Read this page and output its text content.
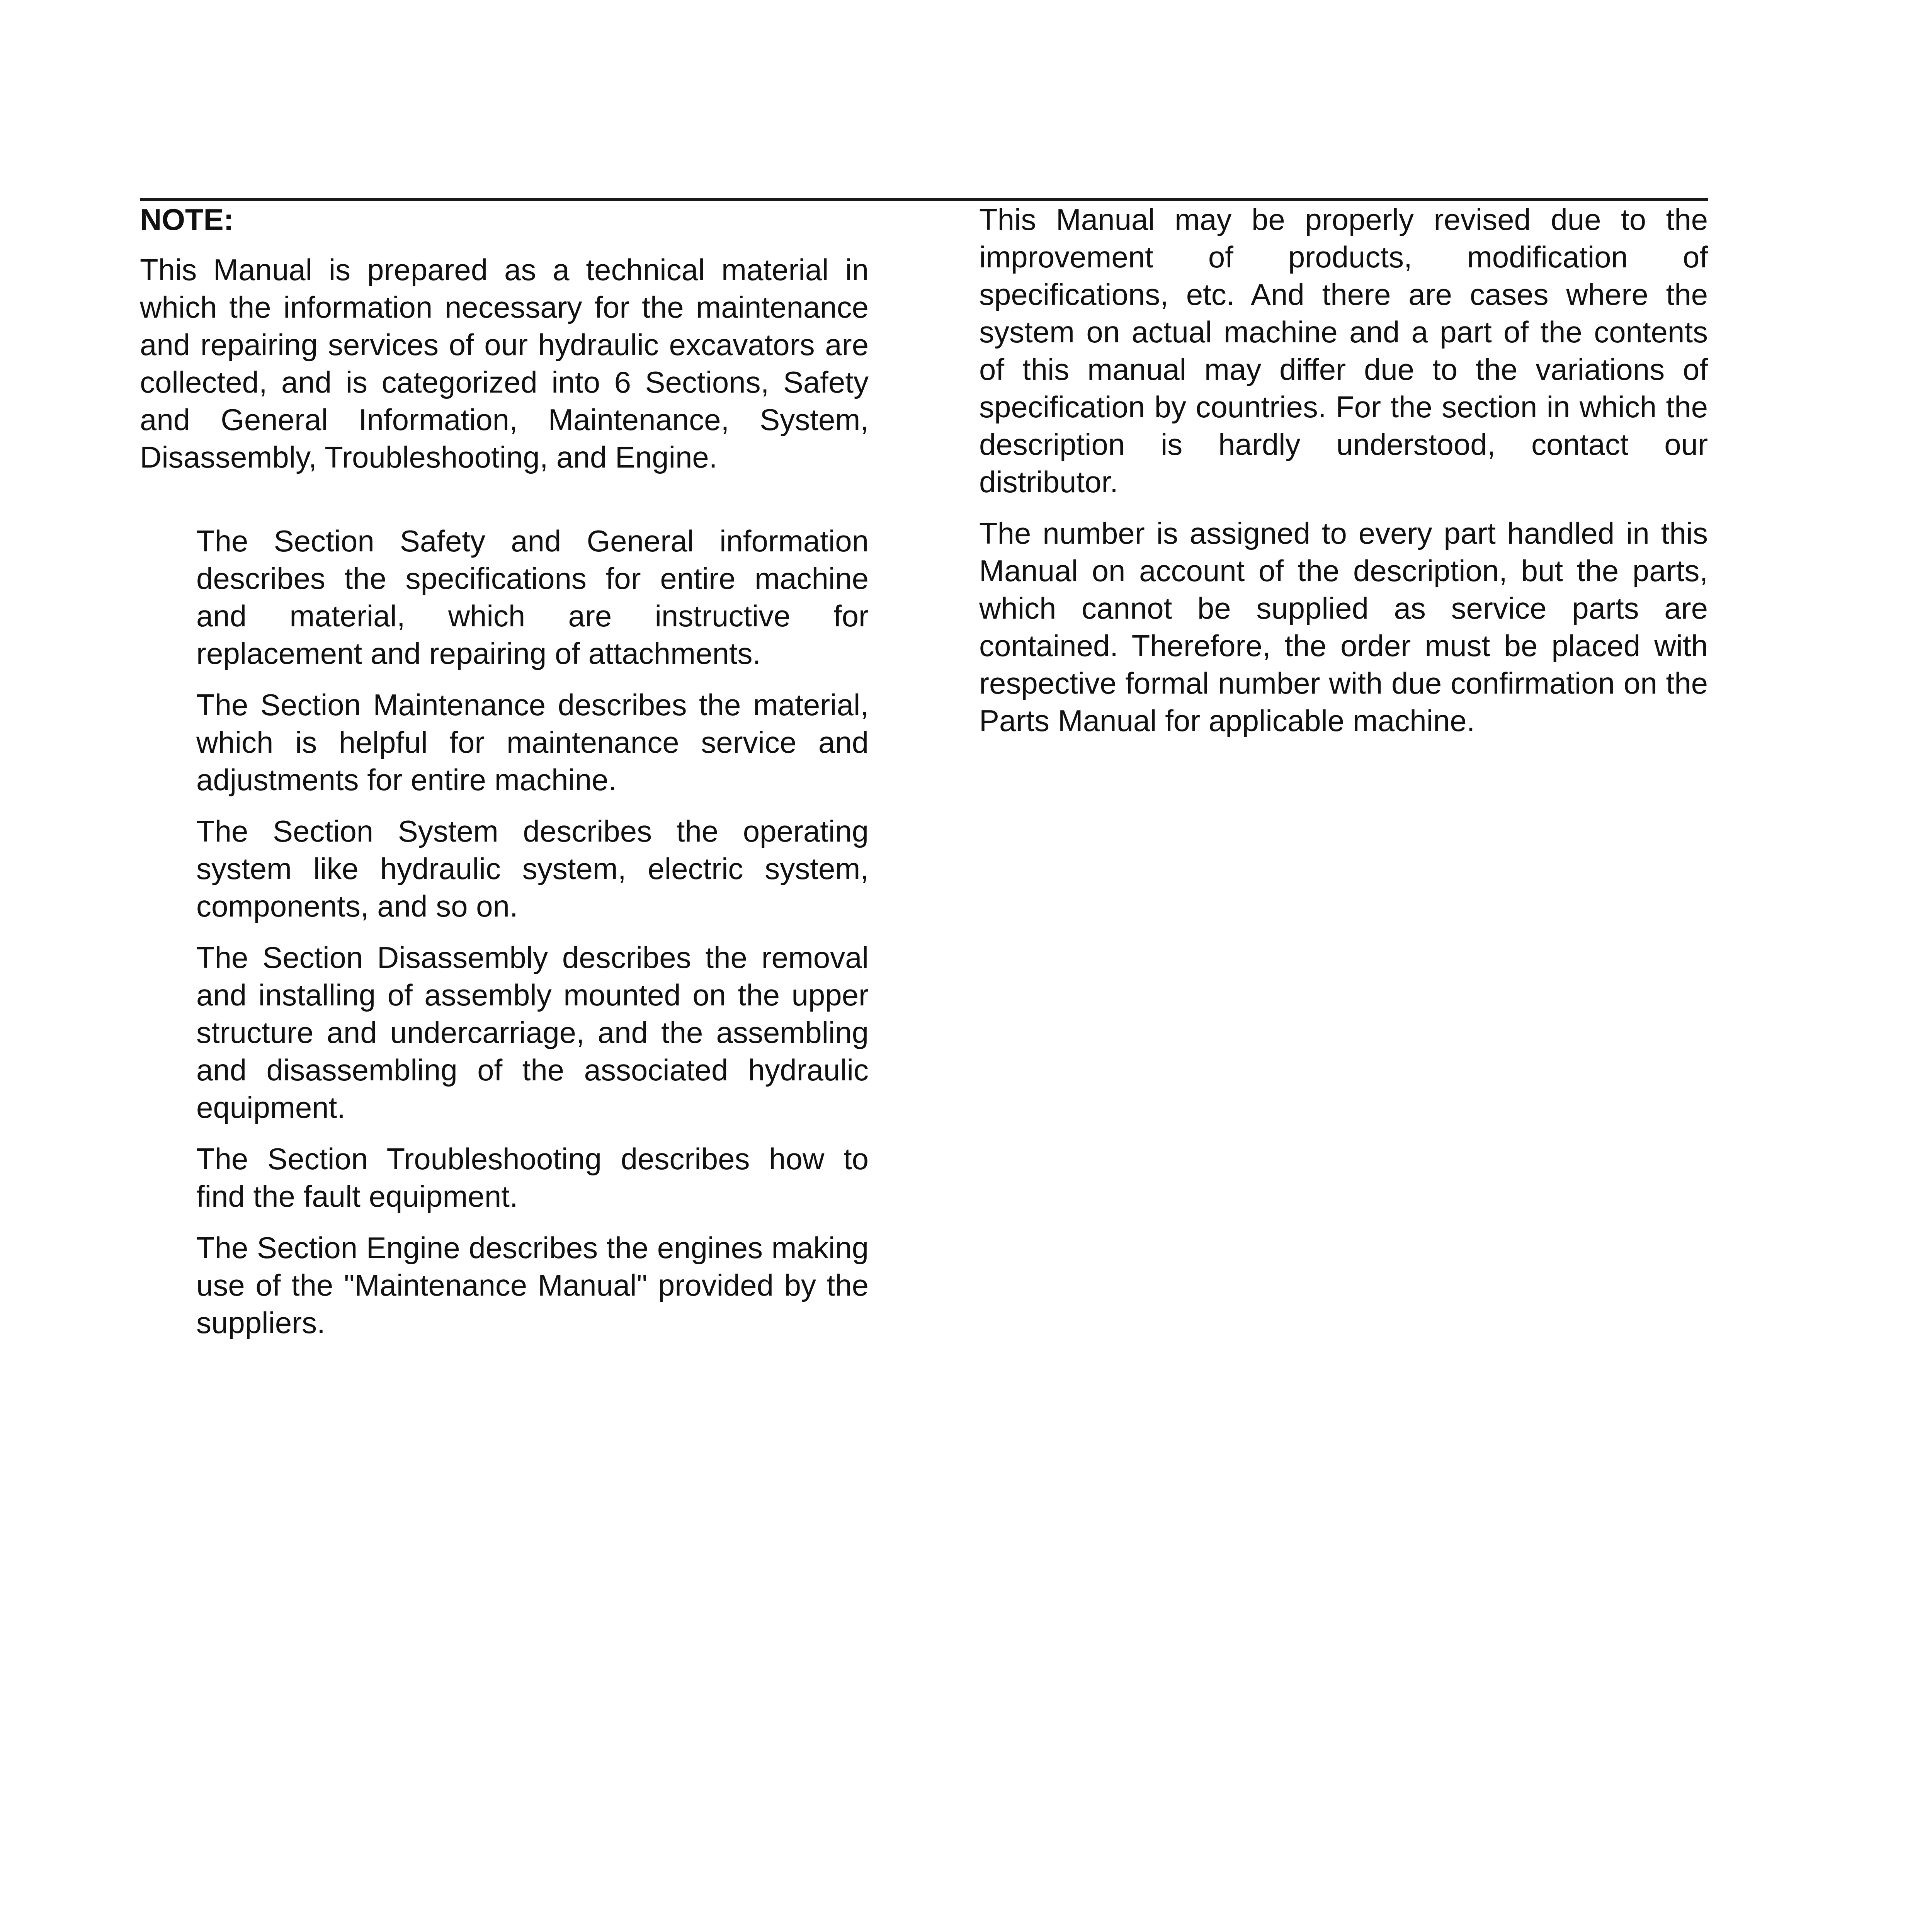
NOTE:
This Manual is prepared as a technical material in which the information necessary for the maintenance and repairing services of our hydraulic excavators are collected, and is categorized into 6 Sections, Safety and General Information, Maintenance, System, Disassembly, Troubleshooting, and Engine.
The Section Safety and General information describes the specifications for entire machine and material, which are instructive for replacement and repairing of attachments.
The Section Maintenance describes the material, which is helpful for maintenance service and adjustments for entire machine.
The Section System describes the operating system like hydraulic system, electric system, components, and so on.
The Section Disassembly describes the removal and installing of assembly mounted on the upper structure and undercarriage, and the assembling and disassembling of the associated hydraulic equipment.
The Section Troubleshooting describes how to find the fault equipment.
The Section Engine describes the engines making use of the "Maintenance Manual" provided by the suppliers.
This Manual may be properly revised due to the improvement of products, modification of specifications, etc. And there are cases where the system on actual machine and a part of the contents of this manual may differ due to the variations of specification by countries. For the section in which the description is hardly understood, contact our distributor.
The number is assigned to every part handled in this Manual on account of the description, but the parts, which cannot be supplied as service parts are contained. Therefore, the order must be placed with respective formal number with due confirmation on the Parts Manual for applicable machine.
